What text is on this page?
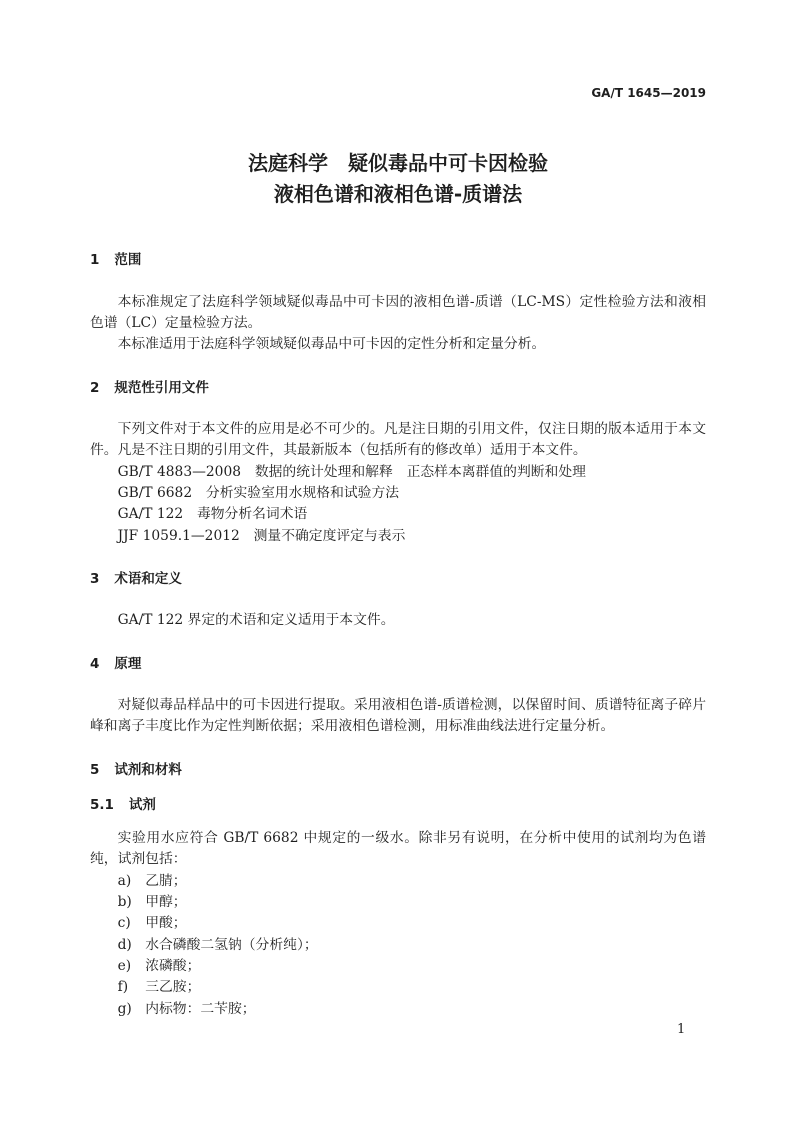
GA/T 1645—2019
法庭科学　疑似毒品中可卡因检验
液相色谱和液相色谱-质谱法
1 范围

本标准规定了法庭科学领域疑似毒品中可卡因的液相色谱-质谱（LC-MS）定性检验方法和液相色谱（LC）定量检验方法。

本标准适用于法庭科学领域疑似毒品中可卡因的定性分析和定量分析。

2 规范性引用文件

下列文件对于本文件的应用是必不可少的。凡是注日期的引用文件，仅注日期的版本适用于本文件。凡是不注日期的引用文件，其最新版本（包括所有的修改单）适用于本文件。

GB/T 4883—2008 数据的统计处理和解释　正态样本离群值的判断和处理
GB/T 6682 分析实验室用水规格和试验方法
GA/T 122 毒物分析名词术语
JJF 1059.1—2012 测量不确定度评定与表示
3 术语和定义

GA/T 122 界定的术语和定义适用于本文件。

4 原理

对疑似毒品样品中的可卡因进行提取。采用液相色谱-质谱检测，以保留时间、质谱特征离子碎片峰和离子丰度比作为定性判断依据；采用液相色谱检测，用标准曲线法进行定量分析。

5 试剂和材料
5.1 试剂

实验用水应符合 GB/T 6682 中规定的一级水。除非另有说明，在分析中使用的试剂均为色谱纯，试剂包括：

a)	乙腈；
b) 甲醇；
c)	甲酸；
d) 水合磷酸二氢钠（分析纯）；
e)	浓磷酸；
f)	三乙胺；
g) 内标物：二苄胺；
1
